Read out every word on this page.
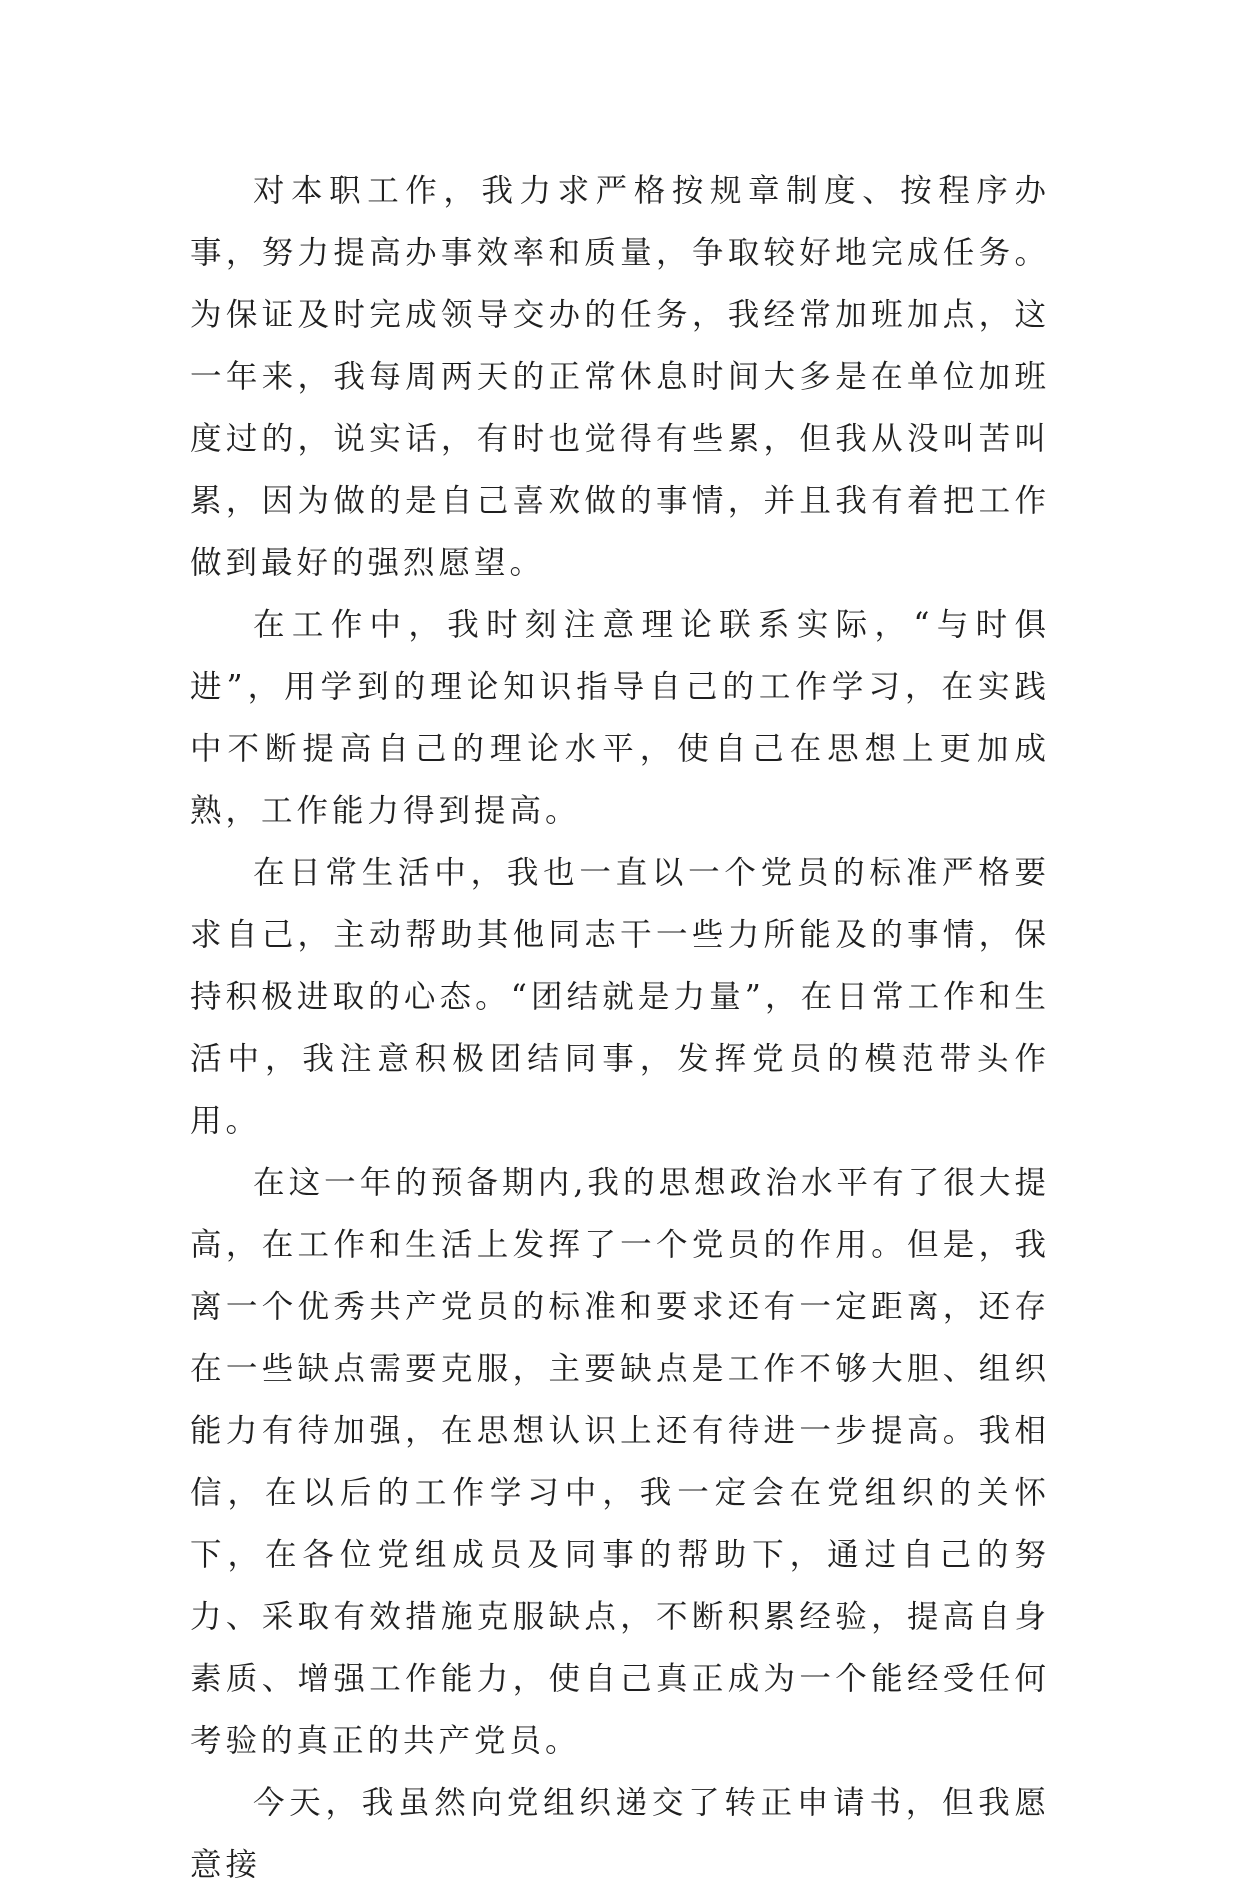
对本职工作，我力求严格按规章制度、按程序办事，努力提高办事效率和质量，争取较好地完成任务。为保证及时完成领导交办的任务，我经常加班加点，这一年来，我每周两天的正常休息时间大多是在单位加班度过的，说实话，有时也觉得有些累，但我从没叫苦叫累，因为做的是自己喜欢做的事情，并且我有着把工作做到最好的强烈愿望。

在工作中，我时刻注意理论联系实际，“与时俱进”，用学到的理论知识指导自己的工作学习，在实践中不断提高自己的理论水平，使自己在思想上更加成熟，工作能力得到提高。

在日常生活中，我也一直以一个党员的标准严格要求自己，主动帮助其他同志干一些力所能及的事情，保持积极进取的心态。“团结就是力量”，在日常工作和生活中，我注意积极团结同事，发挥党员的模范带头作用。

在这一年的预备期内,我的思想政治水平有了很大提高，在工作和生活上发挥了一个党员的作用。但是，我离一个优秀共产党员的标准和要求还有一定距离，还存在一些缺点需要克服，主要缺点是工作不够大胆、组织能力有待加强，在思想认识上还有待进一步提高。我相信，在以后的工作学习中，我一定会在党组织的关怀下，在各位党组成员及同事的帮助下，通过自己的努力、采取有效措施克服缺点，不断积累经验，提高自身素质、增强工作能力，使自己真正成为一个能经受任何考验的真正的共产党员。

今天，我虽然向党组织递交了转正申请书，但我愿意接
